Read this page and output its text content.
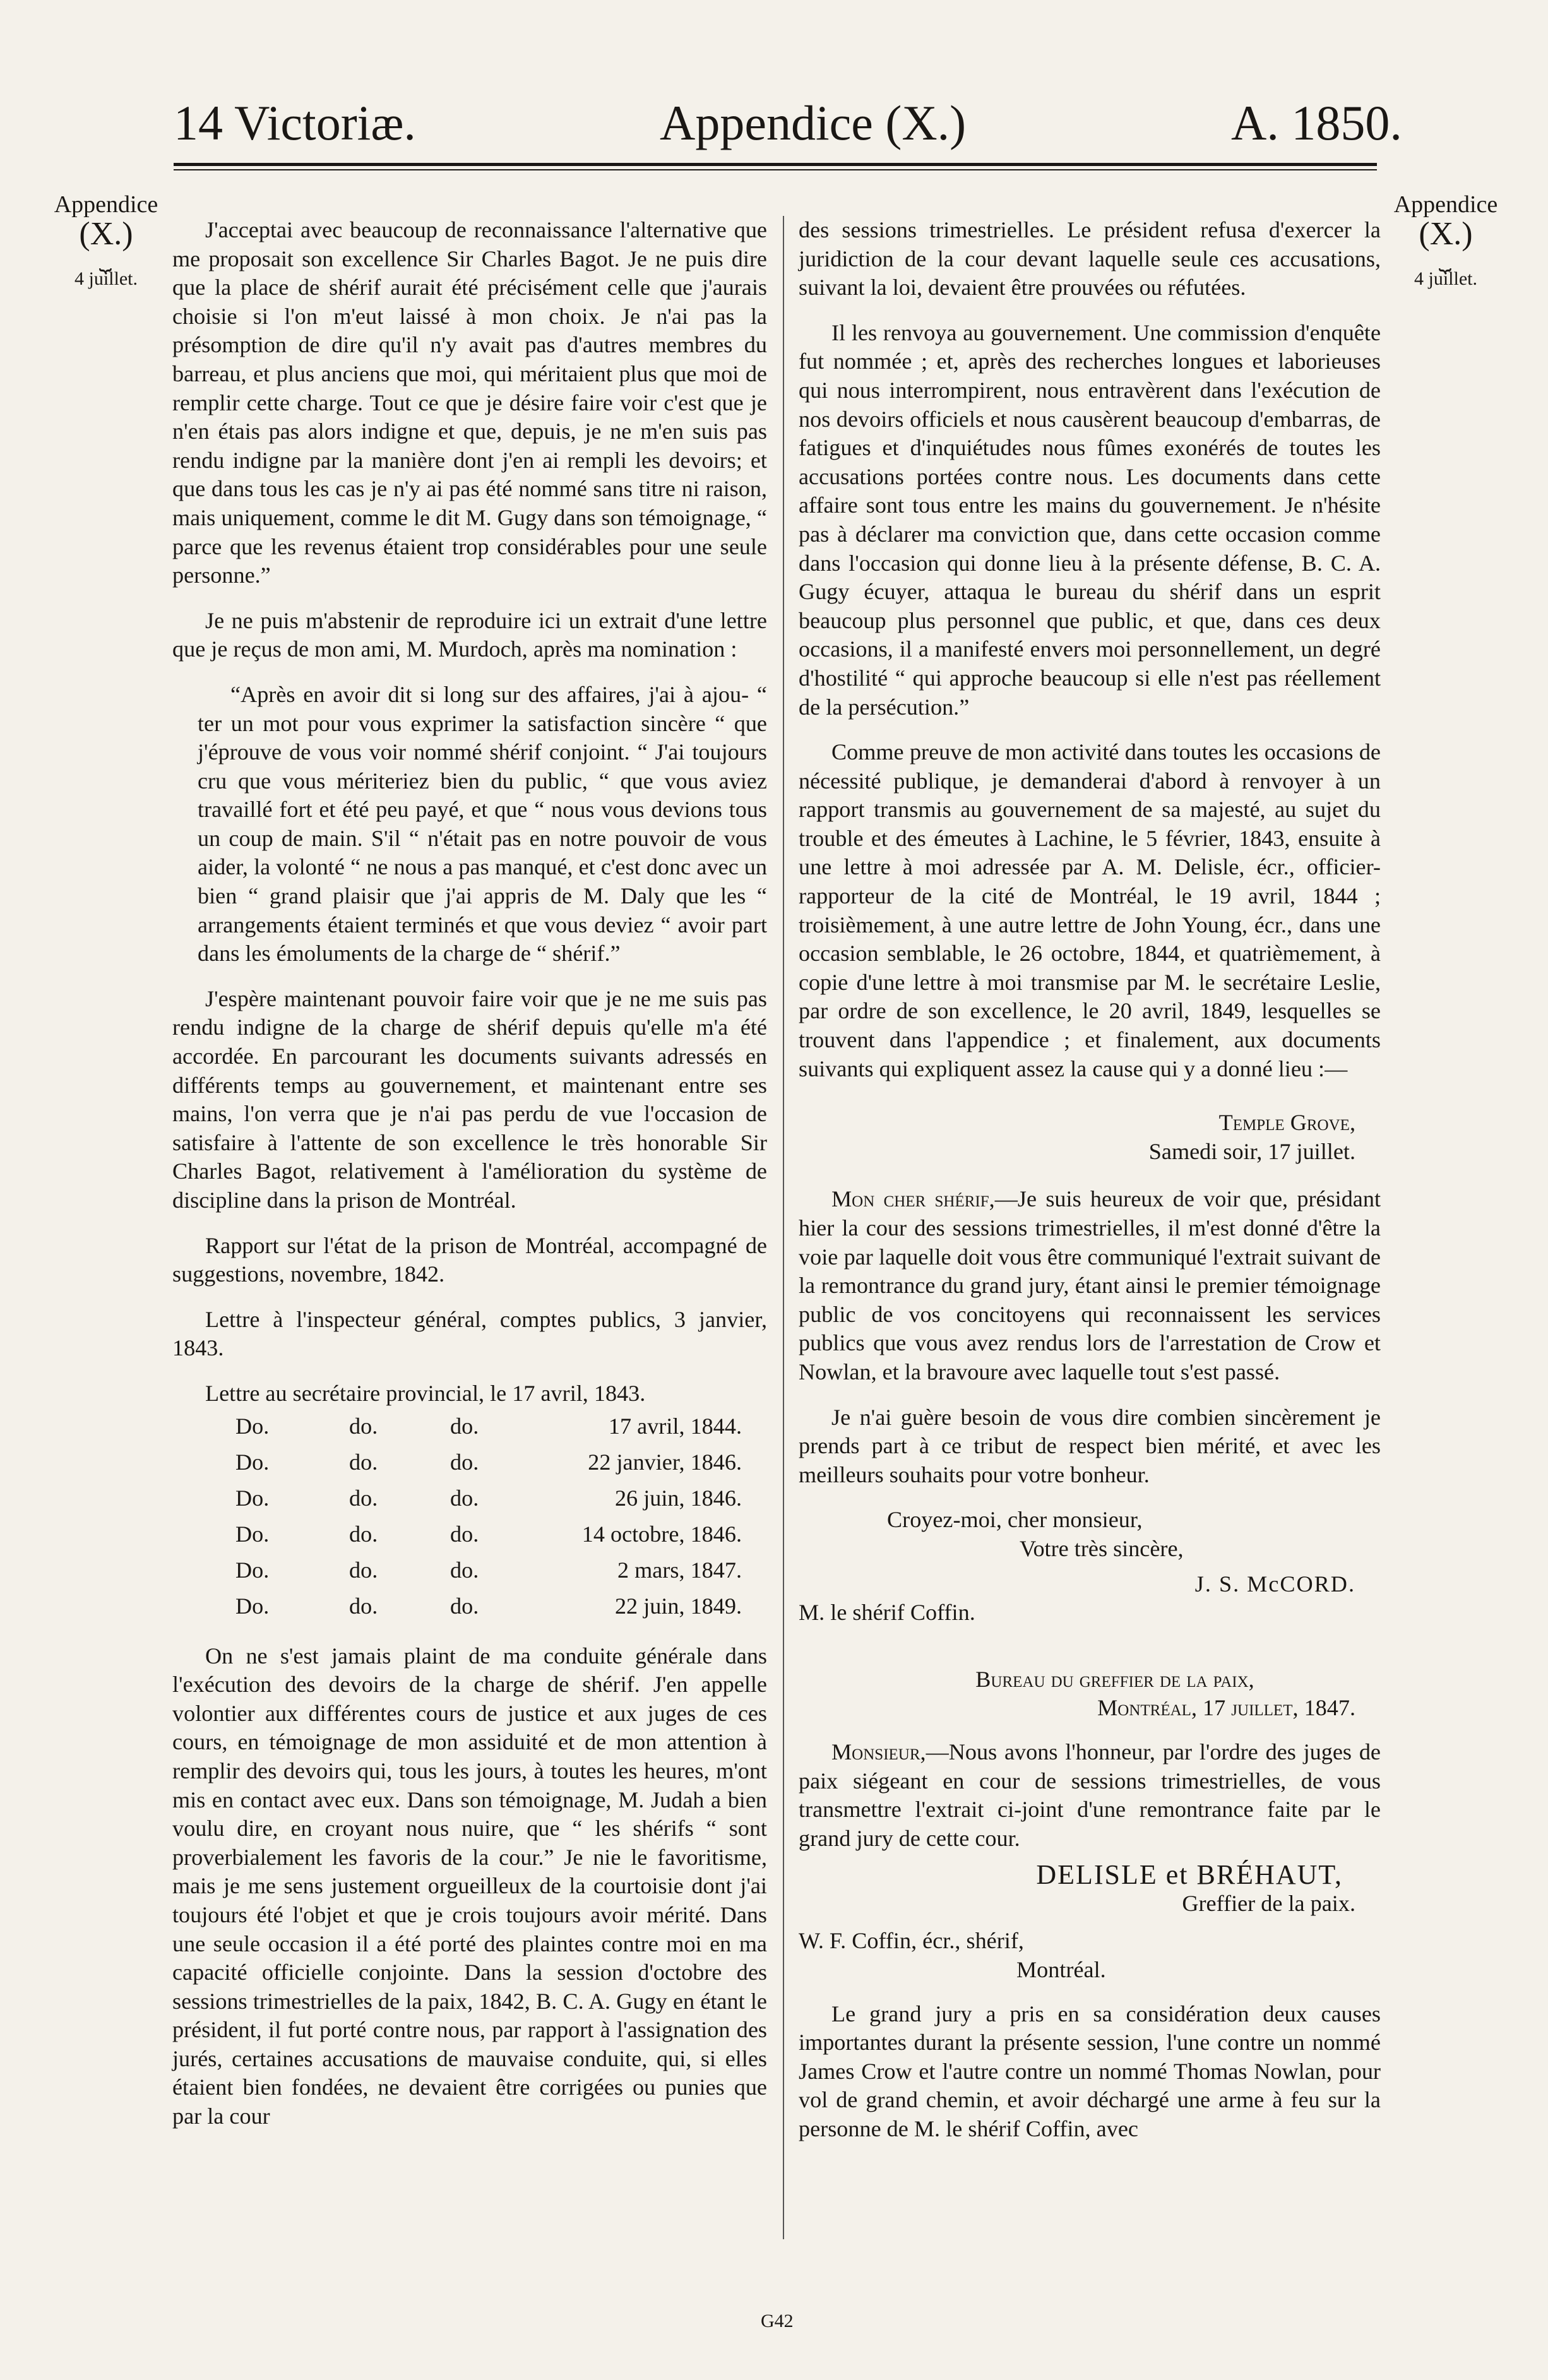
14 Victoriæ.	Appendice (X.)	A. 1850.
Appendice
(X.)
⏟
4 juillet.
Appendice
(X.)
⏟
4 juillet.

J'acceptai avec beaucoup de reconnaissance l'alternative que me proposait son excellence Sir Charles Bagot. Je ne puis dire que la place de shérif aurait été précisément celle que j'aurais choisie si l'on m'eut laissé à mon choix. Je n'ai pas la présomption de dire qu'il n'y avait pas d'autres membres du barreau, et plus anciens que moi, qui méritaient plus que moi de remplir cette charge. Tout ce que je désire faire voir c'est que je n'en étais pas alors indigne et que, depuis, je ne m'en suis pas rendu indigne par la manière dont j'en ai rempli les devoirs; et que dans tous les cas je n'y ai pas été nommé sans titre ni raison, mais uniquement, comme le dit M. Gugy dans son témoignage, “ parce que les revenus étaient trop considérables pour une seule personne.”

Je ne puis m'abstenir de reproduire ici un extrait d'une lettre que je reçus de mon ami, M. Murdoch, après ma nomination :

“Après en avoir dit si long sur des affaires, j'ai à ajou- “ ter un mot pour vous exprimer la satisfaction sincère “ que j'éprouve de vous voir nommé shérif conjoint. “ J'ai toujours cru que vous mériteriez bien du public, “ que vous aviez travaillé fort et été peu payé, et que “ nous vous devions tous un coup de main. S'il “ n'était pas en notre pouvoir de vous aider, la volonté “ ne nous a pas manqué, et c'est donc avec un bien “ grand plaisir que j'ai appris de M. Daly que les “ arrangements étaient terminés et que vous deviez “ avoir part dans les émoluments de la charge de “ shérif.”

J'espère maintenant pouvoir faire voir que je ne me suis pas rendu indigne de la charge de shérif depuis qu'elle m'a été accordée. En parcourant les documents suivants adressés en différents temps au gouvernement, et maintenant entre ses mains, l'on verra que je n'ai pas perdu de vue l'occasion de satisfaire à l'attente de son excellence le très honorable Sir Charles Bagot, relativement à l'amélioration du système de discipline dans la prison de Montréal.

Rapport sur l'état de la prison de Montréal, accompagné de suggestions, novembre, 1842.

Lettre à l'inspecteur général, comptes publics, 3 janvier, 1843.

Lettre au secrétaire provincial, le 17 avril, 1843.

Do.	do.	do.	17 avril, 1844.
Do.	do.	do.	22 janvier, 1846.
Do.	do.	do.	26 juin, 1846.
Do.	do.	do.	14 octobre, 1846.
Do.	do.	do.	2 mars, 1847.
Do.	do.	do.	22 juin, 1849.

On ne s'est jamais plaint de ma conduite générale dans l'exécution des devoirs de la charge de shérif. J'en appelle volontier aux différentes cours de justice et aux juges de ces cours, en témoignage de mon assiduité et de mon attention à remplir des devoirs qui, tous les jours, à toutes les heures, m'ont mis en contact avec eux. Dans son témoignage, M. Judah a bien voulu dire, en croyant nous nuire, que “ les shérifs “ sont proverbialement les favoris de la cour.” Je nie le favoritisme, mais je me sens justement orgueilleux de la courtoisie dont j'ai toujours été l'objet et que je crois toujours avoir mérité. Dans une seule occasion il a été porté des plaintes contre moi en ma capacité officielle conjointe. Dans la session d'octobre des sessions trimestrielles de la paix, 1842, B. C. A. Gugy en étant le président, il fut porté contre nous, par rapport à l'assignation des jurés, certaines accusations de mauvaise conduite, qui, si elles étaient bien fondées, ne devaient être corrigées ou punies que par la cour

des sessions trimestrielles. Le président refusa d'exercer la juridiction de la cour devant laquelle seule ces accusations, suivant la loi, devaient être prouvées ou réfutées.

Il les renvoya au gouvernement. Une commission d'enquête fut nommée ; et, après des recherches longues et laborieuses qui nous interrompirent, nous entravèrent dans l'exécution de nos devoirs officiels et nous causèrent beaucoup d'embarras, de fatigues et d'inquiétudes nous fûmes exonérés de toutes les accusations portées contre nous. Les documents dans cette affaire sont tous entre les mains du gouvernement. Je n'hésite pas à déclarer ma conviction que, dans cette occasion comme dans l'occasion qui donne lieu à la présente défense, B. C. A. Gugy écuyer, attaqua le bureau du shérif dans un esprit beaucoup plus personnel que public, et que, dans ces deux occasions, il a manifesté envers moi personnellement, un degré d'hostilité “ qui approche beaucoup si elle n'est pas réellement de la persécution.”

Comme preuve de mon activité dans toutes les occasions de nécessité publique, je demanderai d'abord à renvoyer à un rapport transmis au gouvernement de sa majesté, au sujet du trouble et des émeutes à Lachine, le 5 février, 1843, ensuite à une lettre à moi adressée par A. M. Delisle, écr., officier-rapporteur de la cité de Montréal, le 19 avril, 1844 ; troisièmement, à une autre lettre de John Young, écr., dans une occasion semblable, le 26 octobre, 1844, et quatrièmement, à copie d'une lettre à moi transmise par M. le secrétaire Leslie, par ordre de son excellence, le 20 avril, 1849, lesquelles se trouvent dans l'appendice ; et finalement, aux documents suivants qui expliquent assez la cause qui y a donné lieu :—

Temple Grove,

Samedi soir, 17 juillet.

Mon cher shérif,—Je suis heureux de voir que, présidant hier la cour des sessions trimestrielles, il m'est donné d'être la voie par laquelle doit vous être communiqué l'extrait suivant de la remontrance du grand jury, étant ainsi le premier témoignage public de vos concitoyens qui reconnaissent les services publics que vous avez rendus lors de l'arrestation de Crow et Nowlan, et la bravoure avec laquelle tout s'est passé.

Je n'ai guère besoin de vous dire combien sincèrement je prends part à ce tribut de respect bien mérité, et avec les meilleurs souhaits pour votre bonheur.

Croyez-moi, cher monsieur,

Votre très sincère,

J. S. McCORD.

M. le shérif Coffin.

Bureau du greffier de la paix,

Montréal, 17 juillet, 1847.

Monsieur,—Nous avons l'honneur, par l'ordre des juges de paix siégeant en cour de sessions trimestrielles, de vous transmettre l'extrait ci-joint d'une remontrance faite par le grand jury de cette cour.

DELISLE et BRÉHAUT,

Greffier de la paix.

W. F. Coffin, écr., shérif,

Montréal.

Le grand jury a pris en sa considération deux causes importantes durant la présente session, l'une contre un nommé James Crow et l'autre contre un nommé Thomas Nowlan, pour vol de grand chemin, et avoir déchargé une arme à feu sur la personne de M. le shérif Coffin, avec

G42
